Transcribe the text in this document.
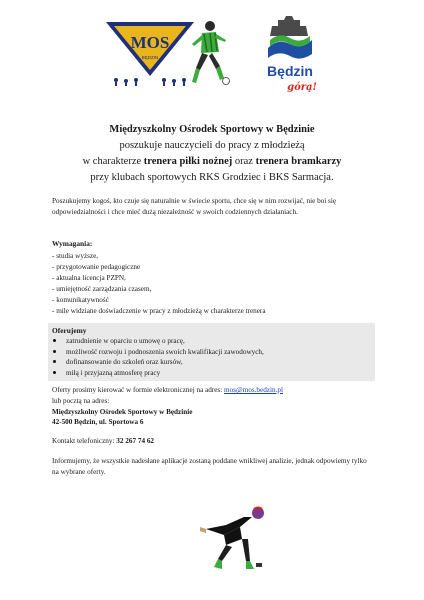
MOS
BĘDZIN
Będzin
górą!
Międzyszkolny Ośrodek Sportowy w Będzinie
poszukuje nauczycieli do pracy z młodzieżą
w charakterze trenera piłki nożnej oraz trenera bramkarzy
przy klubach sportowych RKS Grodziec i BKS Sarmacja.
Poszukujemy kogoś, kto czuje się naturalnie w świecie sportu, chce się w nim rozwijać, nie boi się odpowiedzialności i chce mieć dużą niezależność w swoich codziennych działaniach.
Wymagania:
- studia wyższe,
- przygotowanie pedagogiczne
- aktualna licencja PZPN,
- umiejętność zarządzania czasem,
- komunikatywność
- mile widziane doświadczenie w pracy z młodzieżą w charakterze trenera
Oferujemy
zatrudnienie w oparciu o umowę o pracę,
możliwość rozwoju i podnoszenia swoich kwalifikacji zawodowych,
dofinansowanie do szkoleń oraz kursów,
miłą i przyjazną atmosferę pracy
Oferty prosimy kierować w formie elektronicznej na adres: mos@mos.bedzin.pl
lub pocztą na adres:
Międzyszkolny Ośrodek Sportowy w Będzinie
42-500 Będzin, ul. Sportowa 6
Kontakt telefoniczny: 32 267 74 62
Informujemy, że wszystkie nadesłane aplikacje zostaną poddane wnikliwej analizie, jednak odpowiemy tylko na wybrane oferty.
